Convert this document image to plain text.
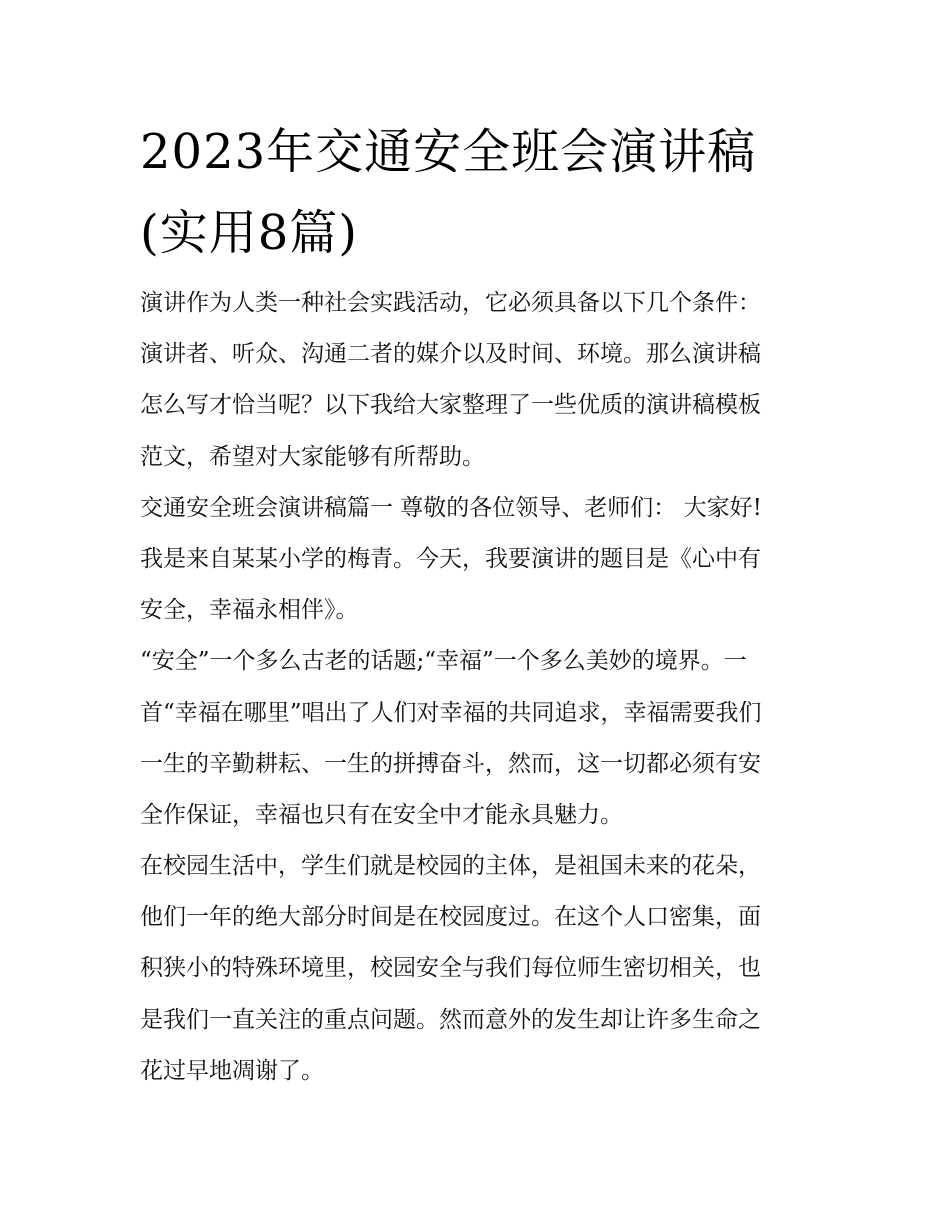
2023年交通安全班会演讲稿
(实用8篇)
演讲作为人类一种社会实践活动，它必须具备以下几个条件：
演讲者、听众、沟通二者的媒介以及时间、环境。那么演讲稿
怎么写才恰当呢？以下我给大家整理了一些优质的演讲稿模板
范文，希望对大家能够有所帮助。
交通安全班会演讲稿篇一 尊敬的各位领导、老师们： 大家好!
我是来自某某小学的梅青。今天，我要演讲的题目是《心中有
安全，幸福永相伴》。
“安全”一个多么古老的话题;“幸福”一个多么美妙的境界。一
首“幸福在哪里”唱出了人们对幸福的共同追求，幸福需要我们
一生的辛勤耕耘、一生的拼搏奋斗，然而，这一切都必须有安
全作保证，幸福也只有在安全中才能永具魅力。
在校园生活中，学生们就是校园的主体，是祖国未来的花朵，
他们一年的绝大部分时间是在校园度过。在这个人口密集，面
积狭小的特殊环境里，校园安全与我们每位师生密切相关，也
是我们一直关注的重点问题。然而意外的发生却让许多生命之
花过早地凋谢了。
